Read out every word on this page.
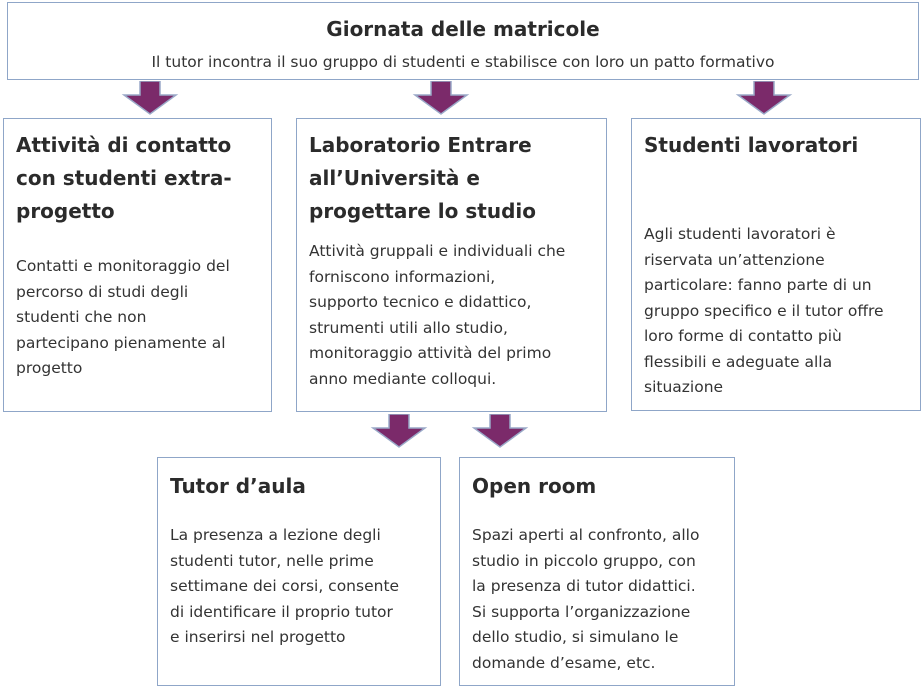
Giornata delle matricole

Il tutor incontra il suo gruppo di studenti e stabilisce con loro un patto formativo

Attività di contatto
con studenti extra-
progetto

Contatti e monitoraggio del
percorso di studi degli
studenti che non
partecipano pienamente al
progetto

Laboratorio Entrare
all’Università e
progettare lo studio

Attività gruppali e individuali che
forniscono informazioni,
supporto tecnico e didattico,
strumenti utili allo studio,
monitoraggio attività del primo
anno mediante colloqui.

Studenti lavoratori

Agli studenti lavoratori è
riservata un’attenzione
particolare: fanno parte di un
gruppo specifico e il tutor offre
loro forme di contatto più
flessibili e adeguate alla
situazione

Tutor d’aula

La presenza a lezione degli
studenti tutor, nelle prime
settimane dei corsi, consente
di identificare il proprio tutor
e inserirsi nel progetto

Open room

Spazi aperti al confronto, allo
studio in piccolo gruppo, con
la presenza di tutor didattici.
Si supporta l’organizzazione
dello studio, si simulano le
domande d’esame, etc.
